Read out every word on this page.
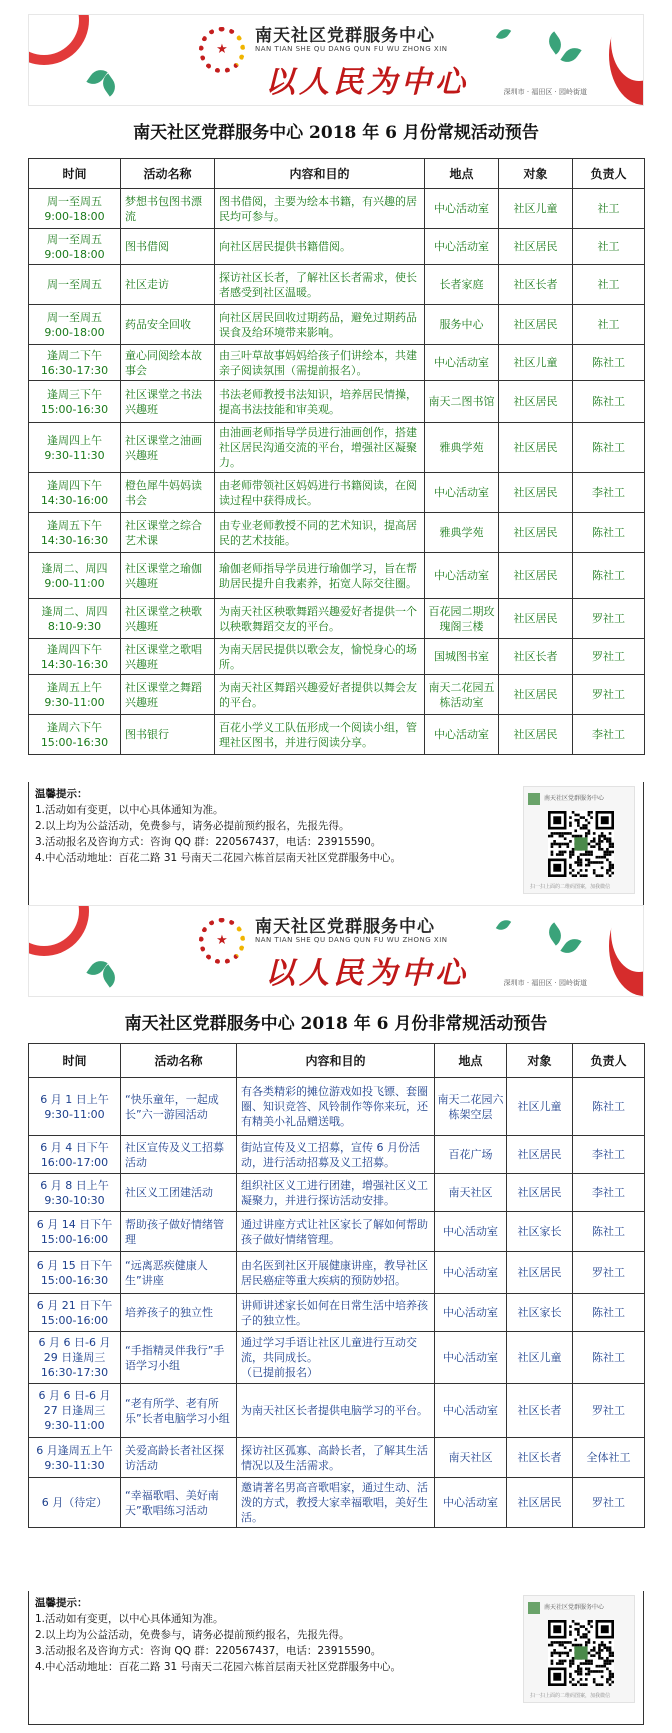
★
南天社区党群服务中心
NAN TIAN SHE QU DANG QUN FU WU ZHONG XIN
以人民为中心	深圳市 · 福田区 · 园岭街道
南天社区党群服务中心 2018 年 6 月份常规活动预告
时间	活动名称	内容和目的	地点	对象	负责人
周一至周五
9:00-18:00	梦想书包图书漂流	图书借阅，主要为绘本书籍，有兴趣的居民均可参与。	中心活动室	社区儿童	社工
周一至周五
9:00-18:00	图书借阅	向社区居民提供书籍借阅。	中心活动室	社区居民	社工
周一至周五	社区走访	探访社区长者，了解社区长者需求，使长者感受到社区温暖。	长者家庭	社区长者	社工
周一至周五
9:00-18:00	药品安全回收	向社区居民回收过期药品，避免过期药品误食及给环境带来影响。	服务中心	社区居民	社工
逢周二下午
16:30-17:30	童心同阅绘本故事会	由三叶草故事妈妈给孩子们讲绘本，共建亲子阅读氛围（需提前报名）。	中心活动室	社区儿童	陈社工
逢周三下午
15:00-16:30	社区课堂之书法兴趣班	书法老师教授书法知识，培养居民情操，提高书法技能和审美观。	南天二图书馆	社区居民	陈社工
逢周四上午
9:30-11:30	社区课堂之油画兴趣班	由油画老师指导学员进行油画创作，搭建社区居民沟通交流的平台，增强社区凝聚力。	雅典学苑	社区居民	陈社工
逢周四下午
14:30-16:00	橙色犀牛妈妈读书会	由老师带领社区妈妈进行书籍阅读，在阅读过程中获得成长。	中心活动室	社区居民	李社工
逢周五下午
14:30-16:30	社区课堂之综合艺术课	由专业老师教授不同的艺术知识，提高居民的艺术技能。	雅典学苑	社区居民	陈社工
逢周二、周四
9:00-11:00	社区课堂之瑜伽兴趣班	瑜伽老师指导学员进行瑜伽学习，旨在帮助居民提升自我素养，拓宽人际交往圈。	中心活动室	社区居民	陈社工
逢周二、周四
8:10-9:30	社区课堂之秧歌兴趣班	为南天社区秧歌舞蹈兴趣爱好者提供一个以秧歌舞蹈交友的平台。	百花园二期玫瑰阁三楼	社区居民	罗社工
逢周四下午
14:30-16:30	社区课堂之歌唱兴趣班	为南天居民提供以歌会友，愉悦身心的场所。	国城图书室	社区长者	罗社工
逢周五上午
9:30-11:00	社区课堂之舞蹈兴趣班	为南天社区舞蹈兴趣爱好者提供以舞会友的平台。	南天二花园五栋活动室	社区居民	罗社工
逢周六下午
15:00-16:30	图书银行	百花小学义工队伍形成一个阅读小组，管理社区图书，并进行阅读分享。	中心活动室	社区居民	李社工
温馨提示：
1.活动如有变更，以中心具体通知为准。
2.以上均为公益活动，免费参与，请务必提前预约报名，先报先得。
3.活动报名及咨询方式：咨询 QQ 群：220567437，电话：23915590。
4.中心活动地址：百花二路 31 号南天二花园六栋首层南天社区党群服务中心。
南天社区党群服务中心
扫一扫上面的二维码图案，加我微信
★
南天社区党群服务中心
NAN TIAN SHE QU DANG QUN FU WU ZHONG XIN
以人民为中心	深圳市 · 福田区 · 园岭街道
南天社区党群服务中心 2018 年 6 月份非常规活动预告
时间	活动名称	内容和目的	地点	对象	负责人
6 月 1 日上午
9:30-11:00	“快乐童年，一起成长”六一游园活动	有各类精彩的摊位游戏如投飞镖、套圈圈、知识竞答、风铃制作等你来玩，还有精美小礼品赠送哦。	南天二花园六栋架空层	社区儿童	陈社工
6 月 4 日下午
16:00-17:00	社区宣传及义工招募活动	街站宣传及义工招募，宣传 6 月份活动，进行活动招募及义工招募。	百花广场	社区居民	李社工
6 月 8 日上午
9:30-10:30	社区义工团建活动	组织社区义工进行团建，增强社区义工凝聚力，并进行探访活动安排。	南天社区	社区居民	李社工
6 月 14 日下午
15:00-16:00	帮助孩子做好情绪管理	通过讲座方式让社区家长了解如何帮助孩子做好情绪管理。	中心活动室	社区家长	陈社工
6 月 15 日下午
15:00-16:30	“远离恶疾健康人生”讲座	由名医到社区开展健康讲座，教导社区居民癌症等重大疾病的预防妙招。	中心活动室	社区居民	罗社工
6 月 21 日下午
15:00-16:00	培养孩子的独立性	讲师讲述家长如何在日常生活中培养孩子的独立性。	中心活动室	社区家长	陈社工
6 月 6 日-6 月
29 日逢周三
16:30-17:30	“手指精灵伴我行”手语学习小组	通过学习手语让社区儿童进行互动交流，共同成长。
（已提前报名）	中心活动室	社区儿童	陈社工
6 月 6 日-6 月
27 日逢周三
9:30-11:00	“老有所学、老有所乐”长者电脑学习小组	为南天社区长者提供电脑学习的平台。	中心活动室	社区长者	罗社工
6 月逢周五上午
9:30-11:30	关爱高龄长者社区探访活动	探访社区孤寡、高龄长者，了解其生活情况以及生活需求。	南天社区	社区长者	全体社工
6 月（待定）	“幸福歌唱、美好南天”歌唱练习活动	邀请著名男高音歌唱家，通过生动、活泼的方式，教授大家幸福歌唱，美好生活。	中心活动室	社区居民	罗社工
温馨提示：
1.活动如有变更，以中心具体通知为准。
2.以上均为公益活动，免费参与，请务必提前预约报名，先报先得。
3.活动报名及咨询方式：咨询 QQ 群：220567437，电话：23915590。
4.中心活动地址：百花二路 31 号南天二花园六栋首层南天社区党群服务中心。
南天社区党群服务中心
扫一扫上面的二维码图案，加我微信
